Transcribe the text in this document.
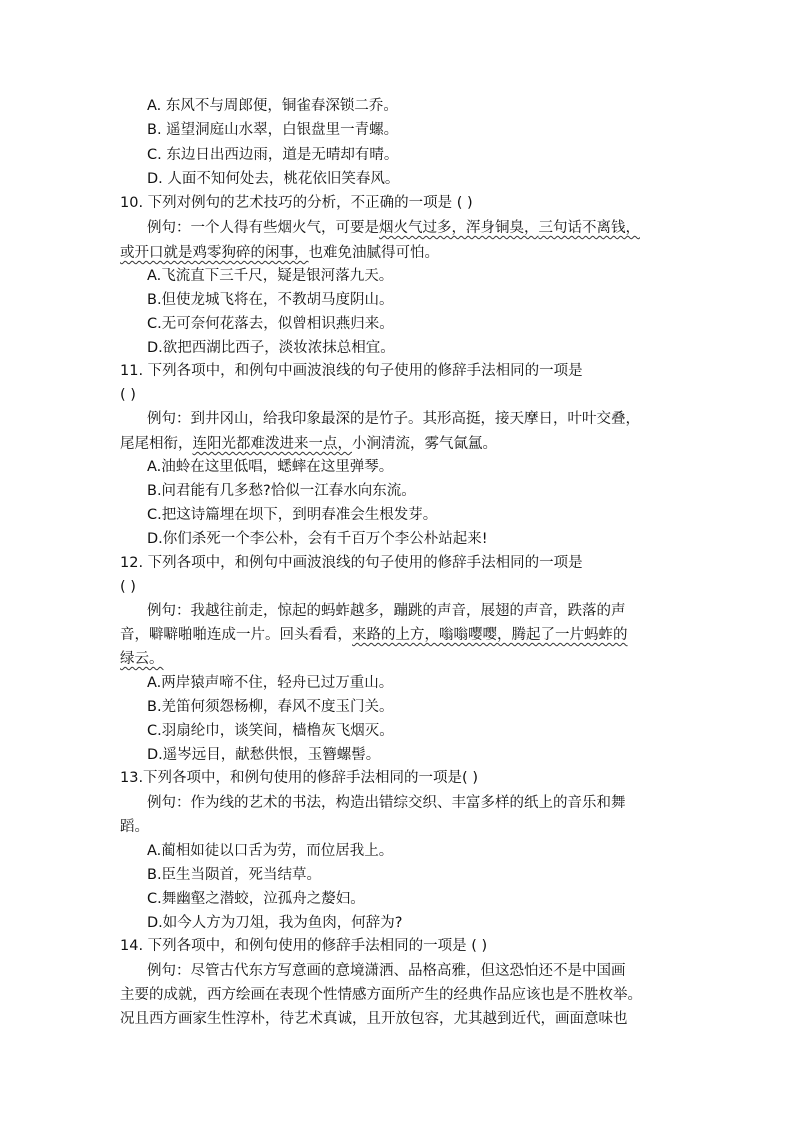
A. 东风不与周郎便，铜雀春深锁二乔。
B. 遥望洞庭山水翠，白银盘里一青螺。
C. 东边日出西边雨，道是无晴却有晴。
D. 人面不知何处去，桃花依旧笑春风。
10. 下列对例句的艺术技巧的分析，不正确的一项是 ( )
例句：一个人得有些烟火气，可要是烟火气过多，浑身铜臭，三句话不离钱，
或开口就是鸡零狗碎的闲事，也难免油腻得可怕。
A.飞流直下三千尺，疑是银河落九天。
B.但使龙城飞将在，不教胡马度阴山。
C.无可奈何花落去，似曾相识燕归来。
D.欲把西湖比西子，淡妆浓抹总相宜。
11. 下列各项中，和例句中画波浪线的句子使用的修辞手法相同的一项是
( )
例句：到井冈山，给我印象最深的是竹子。其形高挺，接天摩日，叶叶交叠，
尾尾相衔，连阳光都难泼进来一点，小涧清流，雾气氤氲。
A.油蛉在这里低唱，蟋蟀在这里弹琴。
B.问君能有几多愁?恰似一江春水向东流。
C.把这诗篇埋在坝下，到明春准会生根发芽。
D.你们杀死一个李公朴，会有千百万个李公朴站起来!
12. 下列各项中，和例句中画波浪线的句子使用的修辞手法相同的一项是
( )
例句：我越往前走，惊起的蚂蚱越多，蹦跳的声音，展翅的声音，跌落的声
音，噼噼啪啪连成一片。回头看看，来路的上方，嗡嗡嘤嘤，腾起了一片蚂蚱的
绿云。
A.两岸猿声啼不住，轻舟已过万重山。
B.羌笛何须怨杨柳，春风不度玉门关。
C.羽扇纶巾，谈笑间，樯橹灰飞烟灭。
D.遥岑远目，献愁供恨，玉簪螺髻。
13.下列各项中，和例句使用的修辞手法相同的一项是( )
例句：作为线的艺术的书法，构造出错综交织、丰富多样的纸上的音乐和舞
蹈。
A.蔺相如徒以口舌为劳，而位居我上。
B.臣生当陨首，死当结草。
C.舞幽壑之潜蛟，泣孤舟之嫠妇。
D.如今人方为刀俎，我为鱼肉，何辞为?
14. 下列各项中，和例句使用的修辞手法相同的一项是 ( )
例句：尽管古代东方写意画的意境潇洒、品格高雅，但这恐怕还不是中国画
主要的成就，西方绘画在表现个性情感方面所产生的经典作品应该也是不胜枚举。
况且西方画家生性淳朴，待艺术真诚，且开放包容，尤其越到近代，画面意味也
